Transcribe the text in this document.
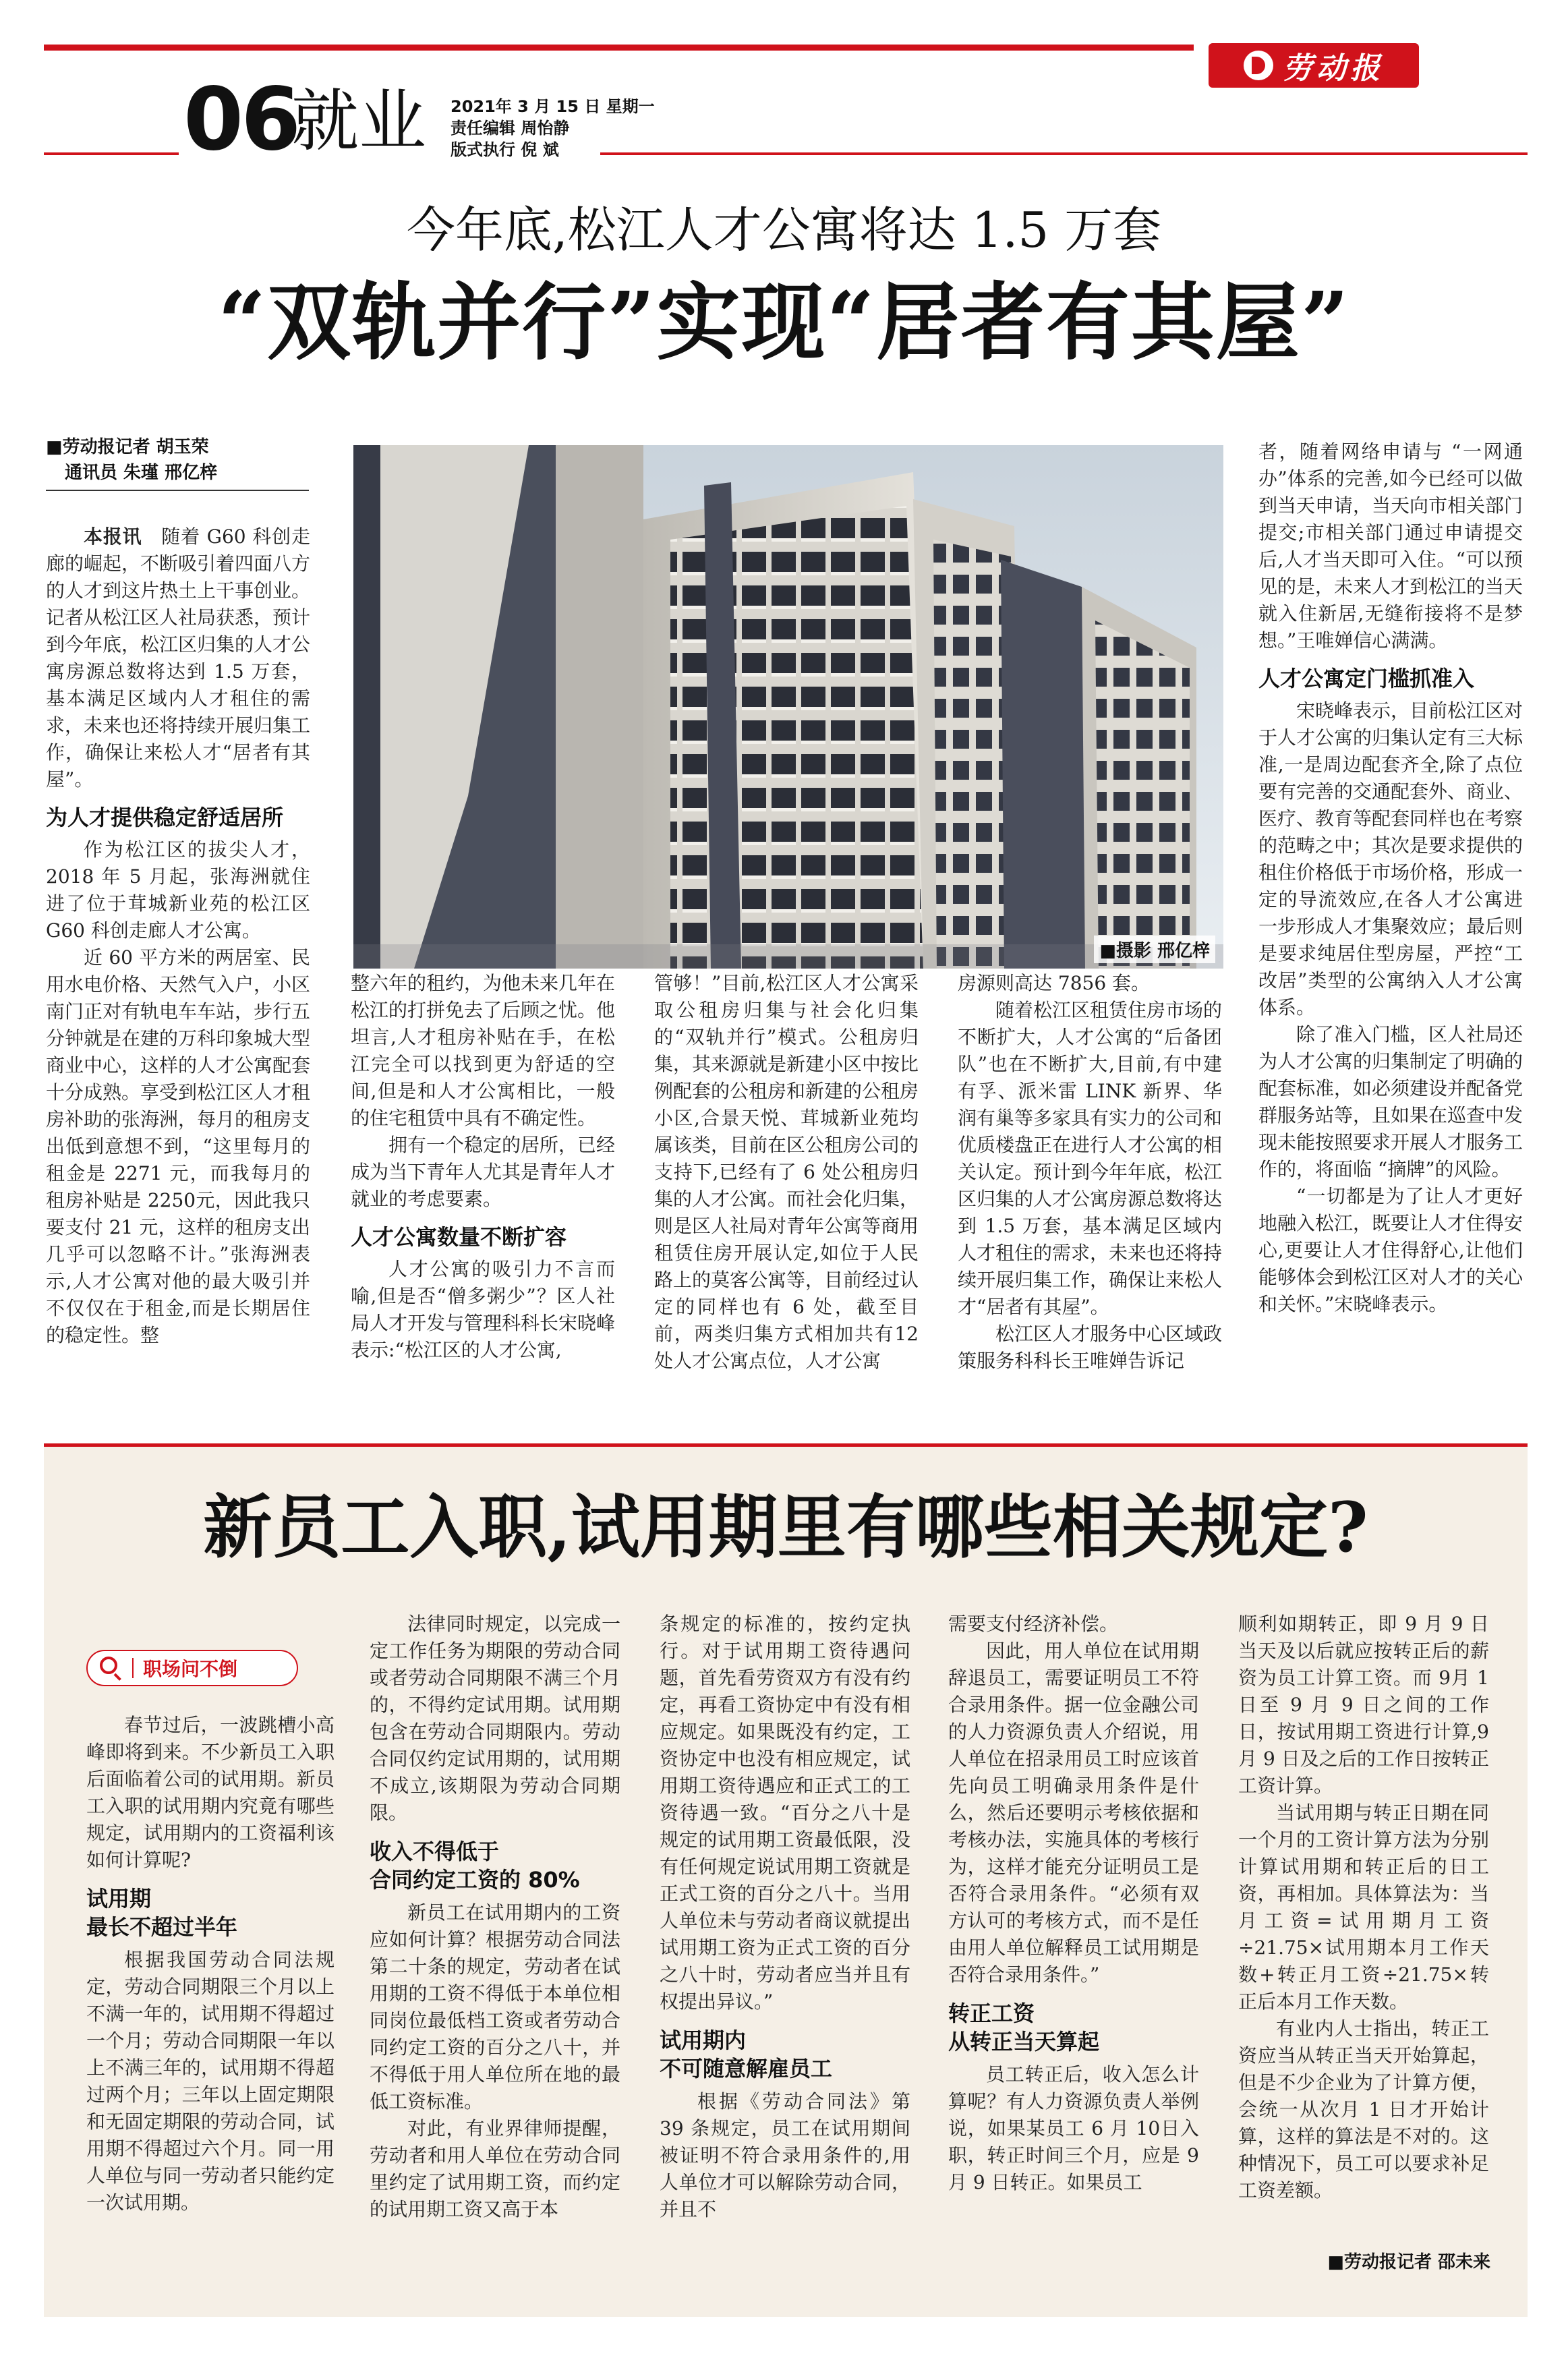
劳动报
06
就业 2021年 3 月 15 日 星期一
责任编辑 周怡静
版式执行 倪 斌
今年底,松江人才公寓将达 1.5 万套
“双轨并行”实现“居者有其屋”
■劳动报记者 胡玉荣
通讯员 朱瑾 邢亿梓
■摄影 邢亿梓

本报讯　 随着 G60 科创走廊的崛起，不断吸引着四面八方的人才到这片热土上干事创业。记者从松江区人社局获悉，预计到今年底，松江区归集的人才公寓房源总数将达到 1.5 万套，基本满足区域内人才租住的需求，未来也还将持续开展归集工作，确保让来松人才“居者有其屋”。

为人才提供稳定舒适居所

作为松江区的拔尖人才，2018 年 5 月起，张海洲就住进了位于茸城新业苑的松江区G60 科创走廊人才公寓。

近 60 平方米的两居室、民用水电价格、天然气入户，小区南门正对有轨电车车站，步行五分钟就是在建的万科印象城大型商业中心，这样的人才公寓配套十分成熟。享受到松江区人才租房补助的张海洲，每月的租房支出低到意想不到，“这里每月的租金是 2271 元，而我每月的租房补贴是 2250元，因此我只要支付 21 元，这样的租房支出几乎可以忽略不计。”张海洲表示,人才公寓对他的最大吸引并不仅仅在于租金,而是长期居住的稳定性。整

整六年的租约，为他未来几年在松江的打拼免去了后顾之忧。他坦言,人才租房补贴在手，在松江完全可以找到更为舒适的空间,但是和人才公寓相比，一般的住宅租赁中具有不确定性。

拥有一个稳定的居所，已经成为当下青年人尤其是青年人才就业的考虑要素。

人才公寓数量不断扩容

人才公寓的吸引力不言而喻,但是否“僧多粥少”？区人社局人才开发与管理科科长宋晓峰表示:“松江区的人才公寓,

管够！”目前,松江区人才公寓采取公租房归集与社会化归集的“双轨并行”模式。公租房归集，其来源就是新建小区中按比例配套的公租房和新建的公租房小区,合景天悦、茸城新业苑均属该类，目前在区公租房公司的支持下,已经有了 6 处公租房归集的人才公寓。而社会化归集，则是区人社局对青年公寓等商用租赁住房开展认定,如位于人民路上的莫客公寓等，目前经过认定的同样也有 6 处，截至目前，两类归集方式相加共有12 处人才公寓点位，人才公寓

房源则高达 7856 套。

随着松江区租赁住房市场的不断扩大，人才公寓的“后备团队”也在不断扩大,目前,有中建有孚、派米雷 LINK 新界、华润有巢等多家具有实力的公司和优质楼盘正在进行人才公寓的相关认定。预计到今年年底，松江区归集的人才公寓房源总数将达到 1.5 万套，基本满足区域内人才租住的需求，未来也还将持续开展归集工作，确保让来松人才“居者有其屋”。

松江区人才服务中心区域政策服务科科长王唯婵告诉记

者，随着网络申请与 “一网通办”体系的完善,如今已经可以做到当天申请，当天向市相关部门提交;市相关部门通过申请提交后,人才当天即可入住。“可以预见的是，未来人才到松江的当天就入住新居,无缝衔接将不是梦想。”王唯婵信心满满。

人才公寓定门槛抓准入

宋晓峰表示，目前松江区对于人才公寓的归集认定有三大标准,一是周边配套齐全,除了点位要有完善的交通配套外、商业、医疗、教育等配套同样也在考察的范畴之中；其次是要求提供的租住价格低于市场价格，形成一定的导流效应,在各人才公寓进一步形成人才集聚效应；最后则是要求纯居住型房屋，严控“工改居”类型的公寓纳入人才公寓体系。

除了准入门槛，区人社局还为人才公寓的归集制定了明确的配套标准，如必须建设并配备党群服务站等，且如果在巡查中发现未能按照要求开展人才服务工作的，将面临 “摘牌”的风险。

“一切都是为了让人才更好地融入松江，既要让人才住得安心,更要让人才住得舒心,让他们能够体会到松江区对人才的关心和关怀。”宋晓峰表示。

新员工入职,试用期里有哪些相关规定?
职场问不倒

春节过后，一波跳槽小高峰即将到来。不少新员工入职后面临着公司的试用期。新员工入职的试用期内究竟有哪些规定，试用期内的工资福利该如何计算呢?

试用期
最长不超过半年

根据我国劳动合同法规定，劳动合同期限三个月以上不满一年的，试用期不得超过一个月；劳动合同期限一年以上不满三年的，试用期不得超过两个月；三年以上固定期限和无固定期限的劳动合同，试用期不得超过六个月。同一用人单位与同一劳动者只能约定一次试用期。

法律同时规定，以完成一定工作任务为期限的劳动合同或者劳动合同期限不满三个月的，不得约定试用期。试用期包含在劳动合同期限内。劳动合同仅约定试用期的，试用期不成立,该期限为劳动合同期限。

收入不得低于
合同约定工资的 80%

新员工在试用期内的工资应如何计算？根据劳动合同法第二十条的规定，劳动者在试用期的工资不得低于本单位相同岗位最低档工资或者劳动合同约定工资的百分之八十，并不得低于用人单位所在地的最低工资标准。

对此，有业界律师提醒，劳动者和用人单位在劳动合同里约定了试用期工资，而约定的试用期工资又高于本

条规定的标准的，按约定执行。对于试用期工资待遇问题，首先看劳资双方有没有约定，再看工资协定中有没有相应规定。如果既没有约定，工资协定中也没有相应规定，试用期工资待遇应和正式工的工资待遇一致。“百分之八十是规定的试用期工资最低限，没有任何规定说试用期工资就是正式工资的百分之八十。当用人单位未与劳动者商议就提出试用期工资为正式工资的百分之八十时，劳动者应当并且有权提出异议。”

试用期内
不可随意解雇员工

根据《劳动合同法》第 39 条规定，员工在试用期间被证明不符合录用条件的,用人单位才可以解除劳动合同，并且不

需要支付经济补偿。

因此，用人单位在试用期辞退员工，需要证明员工不符合录用条件。据一位金融公司的人力资源负责人介绍说，用人单位在招录用员工时应该首先向员工明确录用条件是什么，然后还要明示考核依据和考核办法，实施具体的考核行为，这样才能充分证明员工是否符合录用条件。“必须有双方认可的考核方式，而不是任由用人单位解释员工试用期是否符合录用条件。”

转正工资
从转正当天算起

员工转正后，收入怎么计算呢？有人力资源负责人举例说，如果某员工 6 月 10日入职，转正时间三个月，应是 9 月 9 日转正。如果员工

顺利如期转正，即 9 月 9 日当天及以后就应按转正后的薪资为员工计算工资。而 9月 1 日至 9 月 9 日之间的工作日，按试用期工资进行计算,9 月 9 日及之后的工作日按转正工资计算。

当试用期与转正日期在同一个月的工资计算方法为分别计算试用期和转正后的日工资，再相加。具体算法为：当月工资=试用期月工资÷21.75×试用期本月工作天数+转正月工资÷21.75×转正后本月工作天数。

有业内人士指出，转正工资应当从转正当天开始算起，但是不少企业为了计算方便，会统一从次月 1 日才开始计算，这样的算法是不对的。这种情况下，员工可以要求补足工资差额。

■劳动报记者 邵未来
